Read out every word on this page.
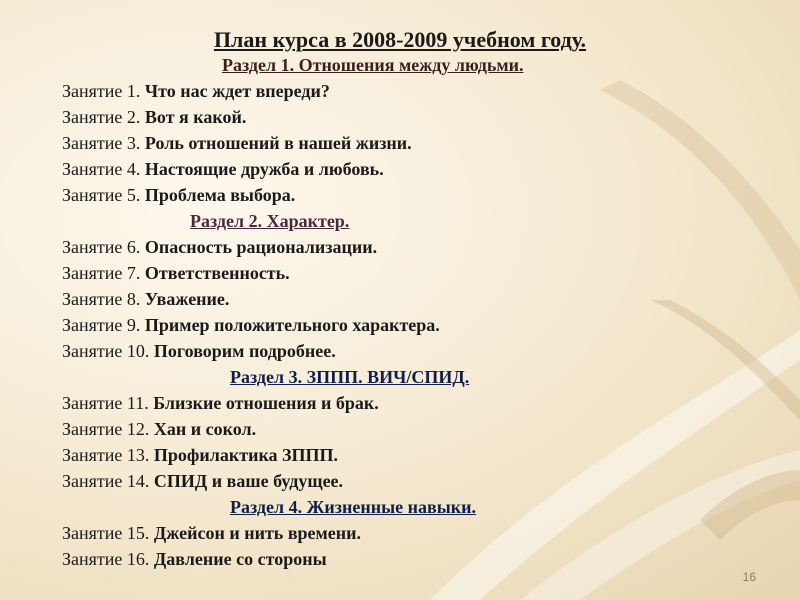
План курса в 2008-2009 учебном году.
Раздел 1. Отношения между людьми.
Занятие 1. Что нас ждет впереди?
Занятие 2. Вот я какой.
Занятие 3. Роль отношений в нашей жизни.
Занятие 4. Настоящие дружба и любовь.
Занятие 5. Проблема выбора.
Раздел 2. Характер.
Занятие 6. Опасность рационализации.
Занятие 7. Ответственность.
Занятие 8. Уважение.
Занятие 9. Пример положительного характера.
Занятие 10. Поговорим подробнее.
Раздел 3. ЗППП. ВИЧ/СПИД.
Занятие 11. Близкие отношения и брак.
Занятие 12. Хан и сокол.
Занятие 13. Профилактика ЗППП.
Занятие 14. СПИД и ваше будущее.
Раздел 4. Жизненные навыки.
Занятие 15. Джейсон и нить времени.
Занятие 16. Давление со стороны
16
